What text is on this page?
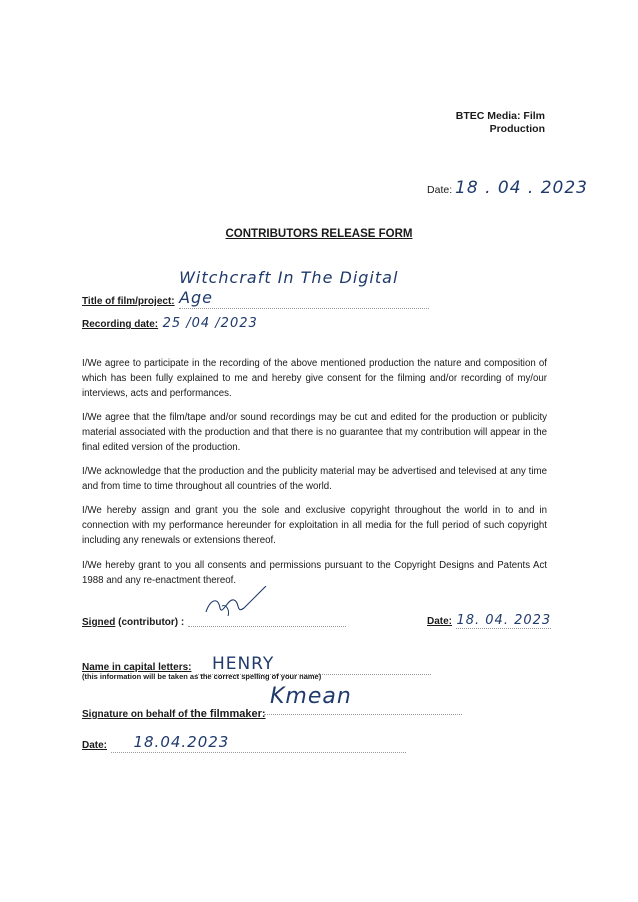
BTEC Media: Film
Production
Date: 18 . 04 . 2023
CONTRIBUTORS RELEASE FORM
Title of film/project: Witchcraft In The Digital Age
Recording date: 25 /04 /2023
I/We agree to participate in the recording of the above mentioned production the nature and composition of which has been fully explained to me and hereby give consent for the filming and/or recording of my/our interviews, acts and performances.
I/We agree that the film/tape and/or sound recordings may be cut and edited for the production or publicity material associated with the production and that there is no guarantee that my contribution will appear in the final edited version of the production.
I/We acknowledge that the production and the publicity material may be advertised and televised at any time and from time to time throughout all countries of the world.
I/We hereby assign and grant you the sole and exclusive copyright throughout the world in to and in connection with my performance hereunder for exploitation in all media for the full period of such copyright including any renewals or extensions thereof.
I/We hereby grant to you all consents and permissions pursuant to the Copyright Designs and Patents Act 1988 and any re-enactment thereof.
Signed (contributor) :	Date: 18. 04. 2023
Name in capital letters: HENRY
(this information will be taken as the correct spelling of your name)
Signature on behalf of the filmmaker:
Kmean
Date: 18.04.2023
